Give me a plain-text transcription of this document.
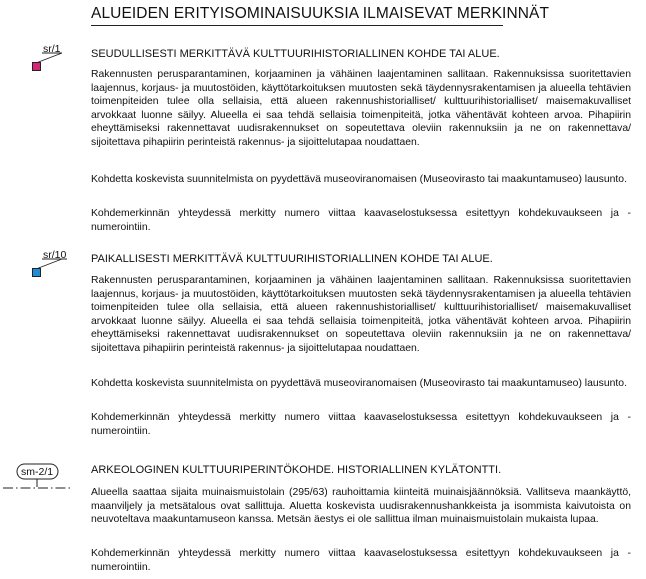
ALUEIDEN ERITYISOMINAISUUKSIA ILMAISEVAT MERKINNÄT
sr/1	SEUDULLISESTI MERKITTÄVÄ KULTTUURIHISTORIALLINEN KOHDE TAI ALUE.

Rakennusten perusparantaminen, korjaaminen ja vähäinen laajentaminen sallitaan. Rakennuksissa suoritettavien laajennus, korjaus- ja muutostöiden, käyttötarkoituksen muutosten sekä täydennysrakentamisen ja alueella tehtävien toimenpiteiden tulee olla sellaisia, että alueen rakennushistorialliset/ kulttuurihistorialliset/ maisemakuvalliset arvokkaat luonne säilyy. Alueella ei saa tehdä sellaisia toimenpiteitä, jotka vähentävät kohteen arvoa. Pihapiirin eheyttämiseksi rakennettavat uudisrakennukset on sopeutettava oleviin rakennuksiin ja ne on rakennettava/ sijoitettava pihapiirin perinteistä rakennus- ja sijoittelutapaa noudattaen.

Kohdetta koskevista suunnitelmista on pyydettävä museoviranomaisen (Museovirasto tai maakuntamuseo) lausunto.

Kohdemerkinnän yhteydessä merkitty numero viittaa kaavaselostuksessa esitettyyn kohdekuvaukseen ja -numerointiin.

sr/10 PAIKALLISESTI MERKITTÄVÄ KULTTUURIHISTORIALLINEN KOHDE TAI ALUE.

Rakennusten perusparantaminen, korjaaminen ja vähäinen laajentaminen sallitaan. Rakennuksissa suoritettavien laajennus, korjaus- ja muutostöiden, käyttötarkoituksen muutosten sekä täydennysrakentamisen ja alueella tehtävien toimenpiteiden tulee olla sellaisia, että alueen rakennushistorialliset/ kulttuurihistorialliset/ maisemakuvalliset arvokkaat luonne säilyy. Alueella ei saa tehdä sellaisia toimenpiteitä, jotka vähentävät kohteen arvoa. Pihapiirin eheyttämiseksi rakennettavat uudisrakennukset on sopeutettava oleviin rakennuksiin ja ne on rakennettava/ sijoitettava pihapiirin perinteistä rakennus- ja sijoittelutapaa noudattaen.

Kohdetta koskevista suunnitelmista on pyydettävä museoviranomaisen (Museovirasto tai maakuntamuseo) lausunto.

Kohdemerkinnän yhteydessä merkitty numero viittaa kaavaselostuksessa esitettyyn kohdekuvaukseen ja -numerointiin.

sm-2/1	ARKEOLOGINEN KULTTUURIPERINTÖKOHDE. HISTORIALLINEN KYLÄTONTTI.

Alueella saattaa sijaita muinaismuistolain (295/63) rauhoittamia kiinteitä muinaisjäännöksiä. Vallitseva maankäyttö, maanviljely ja metsätalous ovat sallittuja. Aluetta koskevista uudisrakennushankkeista ja isommista kaivutoista on neuvoteltava maakuntamuseon kanssa. Metsän äestys ei ole sallittua ilman muinaismuistolain mukaista lupaa.

Kohdemerkinnän yhteydessä merkitty numero viittaa kaavaselostuksessa esitettyyn kohdekuvaukseen ja -numerointiin.
